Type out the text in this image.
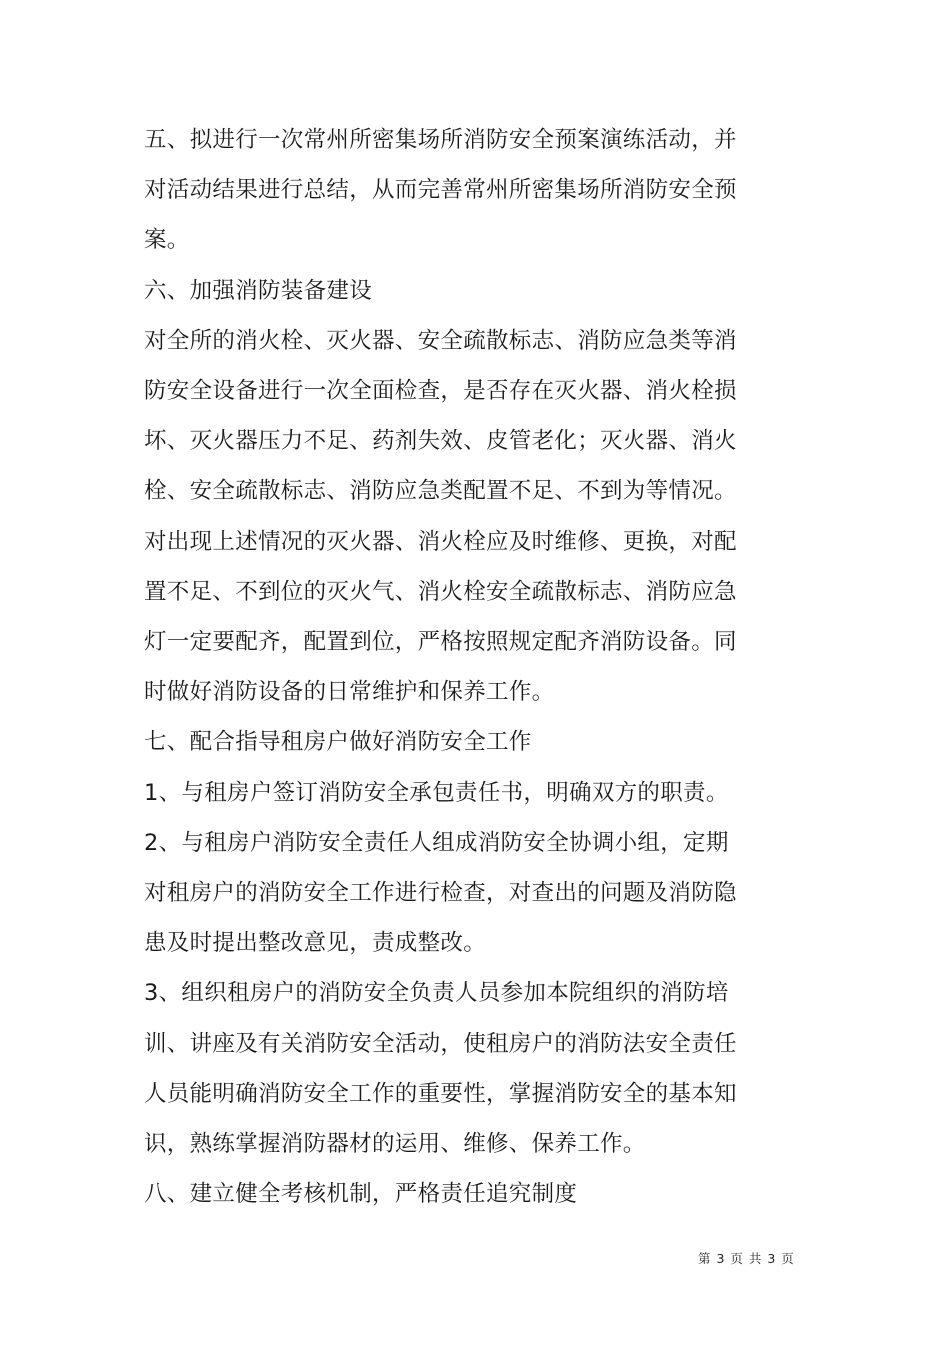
五、拟进行一次常州所密集场所消防安全预案演练活动，并对活动结果进行总结，从而完善常州所密集场所消防安全预案。

六、加强消防装备建设

对全所的消火栓、灭火器、安全疏散标志、消防应急类等消防安全设备进行一次全面检查，是否存在灭火器、消火栓损坏、灭火器压力不足、药剂失效、皮管老化；灭火器、消火栓、安全疏散标志、消防应急类配置不足、不到为等情况。对出现上述情况的灭火器、消火栓应及时维修、更换，对配置不足、不到位的灭火气、消火栓安全疏散标志、消防应急灯一定要配齐，配置到位，严格按照规定配齐消防设备。同时做好消防设备的日常维护和保养工作。

七、配合指导租房户做好消防安全工作

1、与租房户签订消防安全承包责任书，明确双方的职责。

2、与租房户消防安全责任人组成消防安全协调小组，定期对租房户的消防安全工作进行检查，对查出的问题及消防隐患及时提出整改意见，责成整改。

3、组织租房户的消防安全负责人员参加本院组织的消防培训、讲座及有关消防安全活动，使租房户的消防法安全责任人员能明确消防安全工作的重要性，掌握消防安全的基本知识，熟练掌握消防器材的运用、维修、保养工作。

八、建立健全考核机制，严格责任追究制度

第 3 页 共 3 页
